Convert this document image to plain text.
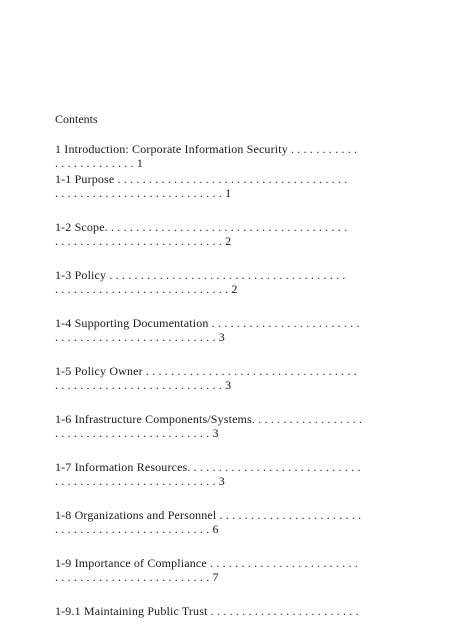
Contents
1 Introduction: Corporate Information Security . . . . . . . . . . .
. . . . . . . . . . . . . 1
1-1 Purpose . . . . . . . . . . . . . . . . . . . . . . . . . . . . . . . . . . . . .
. . . . . . . . . . . . . . . . . . . . . . . . . . . 1
1-2 Scope. . . . . . . . . . . . . . . . . . . . . . . . . . . . . . . . . . . . . . .
. . . . . . . . . . . . . . . . . . . . . . . . . . . 2
1-3 Policy . . . . . . . . . . . . . . . . . . . . . . . . . . . . . . . . . . . . . .
. . . . . . . . . . . . . . . . . . . . . . . . . . . . 2
1-4 Supporting Documentation . . . . . . . . . . . . . . . . . . . . . . . .
. . . . . . . . . . . . . . . . . . . . . . . . . . 3
1-5 Policy Owner . . . . . . . . . . . . . . . . . . . . . . . . . . . . . . . . . .
. . . . . . . . . . . . . . . . . . . . . . . . . . . 3
1-6 Infrastructure Components/Systems. . . . . . . . . . . . . . . . . .
. . . . . . . . . . . . . . . . . . . . . . . . . 3
1-7 Information Resources. . . . . . . . . . . . . . . . . . . . . . . . . . . .
. . . . . . . . . . . . . . . . . . . . . . . . . . 3
1-8 Organizations and Personnel . . . . . . . . . . . . . . . . . . . . . . .
. . . . . . . . . . . . . . . . . . . . . . . . . 6
1-9 Importance of Compliance . . . . . . . . . . . . . . . . . . . . . . . .
. . . . . . . . . . . . . . . . . . . . . . . . . 7
1-9.1 Maintaining Public Trust . . . . . . . . . . . . . . . . . . . . . . . .
